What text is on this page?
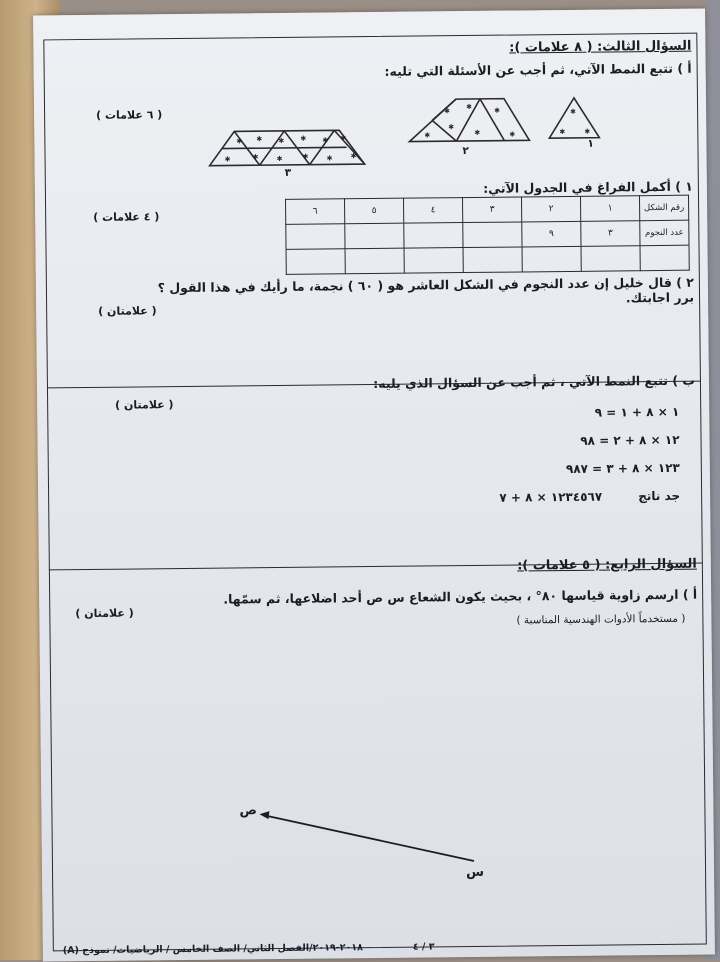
السؤال الثالث: ( ٨ علامات ):
أ ) تتبع النمط الآتي، ثم أجب عن الأسئلة التي تليه:
( ٦ علامات )	✱
✱	✱
✱
✱	✱
✱
✱
✱	✱
✱ ✱ ✱ ✱ ✱ ✱
✱	✱	✱	✱	✱	✱
١
٢
٣
١ ) أكمل الفراغ في الجدول الآتي:
( ٤ علامات )
رقم الشكل	١	٢	٣	٤	٥	٦
عدد النجوم	٣	٩				

٢ ) قال خليل إن عدد النجوم في الشكل العاشر هو ( ٦٠ ) نجمة، ما رأيك في هذا القول ؟ برر اجابتك.
( علامتان )
ب ) تتبع النمط الآتي ، ثم أجب عن السؤال الذي يليه:
( علامتان )
١ × ٨ + ١ = ٩
١٢ × ٨ + ٢ = ٩٨
١٢٣ × ٨ + ٣ = ٩٨٧
جد ناتج
١٢٣٤٥٦٧ × ٨ + ٧
السؤال الرابع: ( ٥ علامات ):
أ ) ارسم زاوية قياسها ٨٠° ، بحيث يكون الشعاع س ص أحد اضلاعها، ثم سمّها.
( علامتان )	( مستخدماً الأدوات الهندسية المناسبة )
س
ص
٢٠١٨-٢٠١٩/الفصل الثاني/ الصف الخامس / الرياضيات/ نموذج (A)	٣ / ٤
